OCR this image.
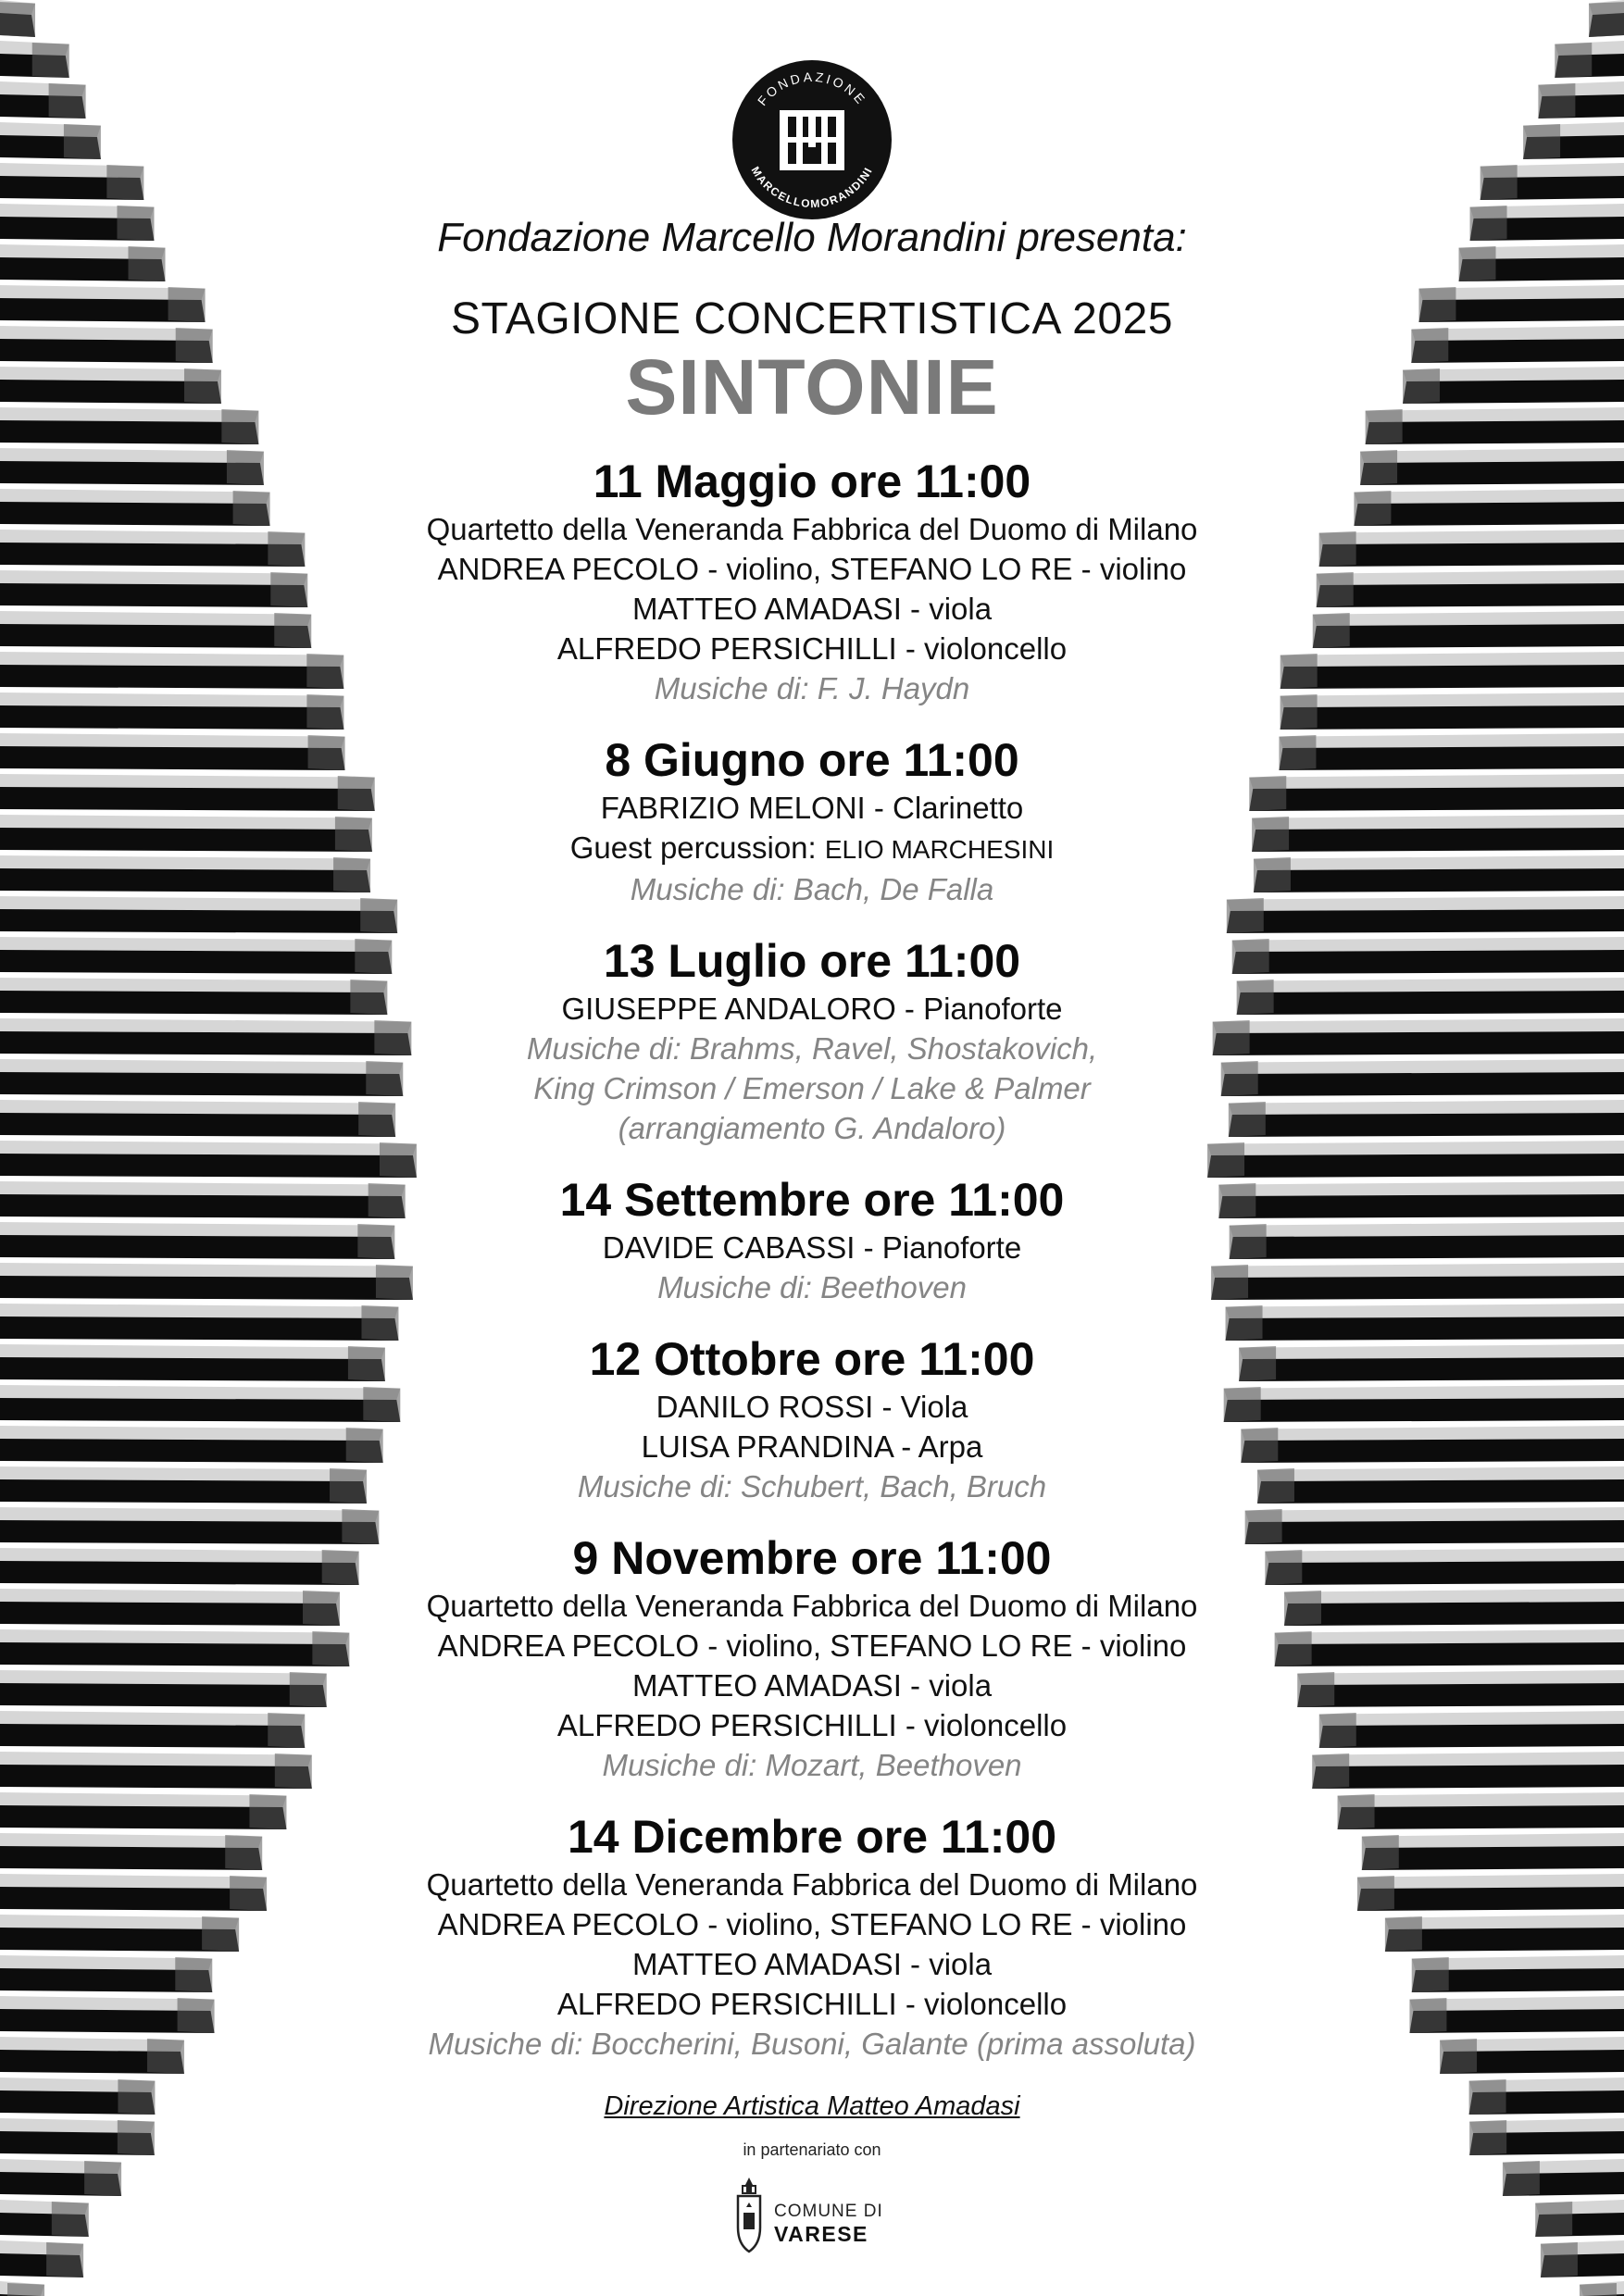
FONDAZIONE
MARCELLOMORANDINI

Fondazione Marcello Morandini presenta:

STAGIONE CONCERTISTICA 2025

SINTONIE

11 Maggio ore 11:00

Quartetto della Veneranda Fabbrica del Duomo di Milano

ANDREA PECOLO - violino, STEFANO LO RE - violino

MATTEO AMADASI - viola

ALFREDO PERSICHILLI - violoncello

Musiche di: F. J. Haydn

8 Giugno ore 11:00

FABRIZIO MELONI - Clarinetto

Guest percussion: ELIO MARCHESINI

Musiche di: Bach, De Falla

13 Luglio ore 11:00

GIUSEPPE ANDALORO - Pianoforte

Musiche di: Brahms, Ravel, Shostakovich,

King Crimson / Emerson / Lake & Palmer

(arrangiamento G. Andaloro)

14 Settembre ore 11:00

DAVIDE CABASSI - Pianoforte

Musiche di: Beethoven

12 Ottobre ore 11:00

DANILO ROSSI - Viola

LUISA PRANDINA - Arpa

Musiche di: Schubert, Bach, Bruch

9 Novembre ore 11:00

Quartetto della Veneranda Fabbrica del Duomo di Milano

ANDREA PECOLO - violino, STEFANO LO RE - violino

MATTEO AMADASI - viola

ALFREDO PERSICHILLI - violoncello

Musiche di: Mozart, Beethoven

14 Dicembre ore 11:00

Quartetto della Veneranda Fabbrica del Duomo di Milano

ANDREA PECOLO - violino, STEFANO LO RE - violino

MATTEO AMADASI - viola

ALFREDO PERSICHILLI - violoncello

Musiche di: Boccherini, Busoni, Galante (prima assoluta)

Direzione Artistica Matteo Amadasi

in partenariato con

COMUNE DI

VARESE
